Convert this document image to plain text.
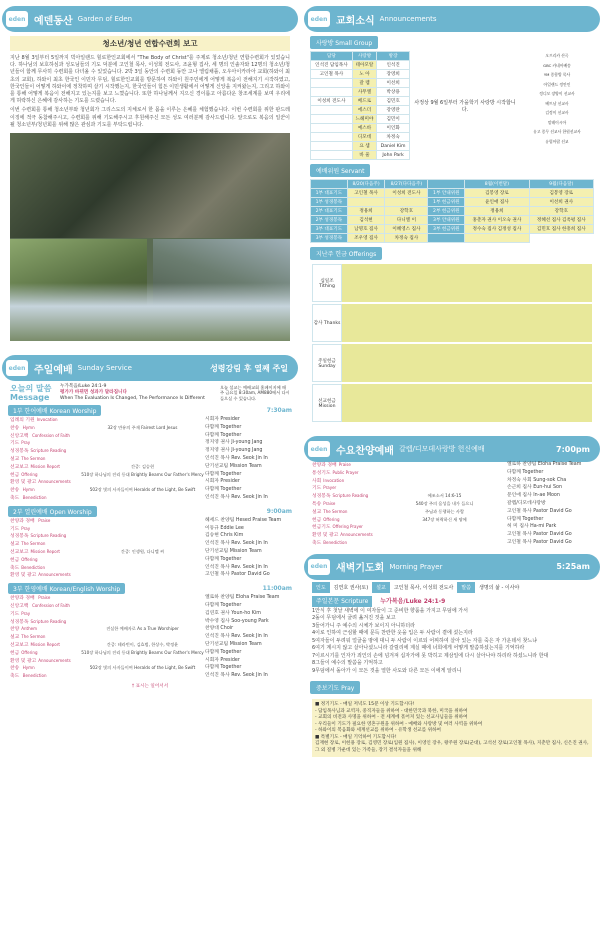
eden 예덴동산 Garden of Eden
청소년/청년 연합수련회 보고

지난 8월 3일부터 5일까지 빅아일랜드 힐로한인교회에서 "The Body of Christ"를 주제로 청소년/청년 연합수련회가 있었습니다. 하나님의 보호하심과 성도님들의 기도 덕분에 고인철 목사, 이성희 전도사, 조윤형 집사, 세 명의 인솔자와 12명의 청소년/청년들이 함께 무사히 수련회를 다녀올 수 있었습니다. 2박 3일 동안의 수련회 동안 고나 엘림채플, 오우아이카라아 교회(하와이 최초의 교회), 하와이 최초 한국인 이민자 무덤, 힐로한인교회를 방문하여 하와이 원주민에게 어떻게 복음이 전해지기 시작하였고, 한국인들이 어떻게 하와이에 정착하며 살기 시작했는지, 한국인들이 힘든 이민생활에서 어떻게 신앙을 지켜왔는지, 그리고 하와이를 통해 어떻게 복음이 전해지고 있는지를 보고 느꼈습니다. 또한 하나님께서 지으신 경이롭고 아름다운 창조세계를 보며 우리에게 허락하신 은혜에 감사하는 기도를 드렸습니다.

이번 수련회를 통해 청소년부와 청년회가 그리스도의 지체로서 한 몸을 이루는 은혜를 체험했습니다. 이번 수련회를 위한 판드레이징에 적극 동참해주시고, 수련회를 위해 기도해주시고 후원해주신 모든 성도 여러분께 감사드립니다. 앞으로도 복음의 일꾼이 될 청소년부/청년회를 위해 많은 관심과 기도를 부탁드립니다.

eden 주일예배 Sunday Service	성령강림 후 열째 주일
오늘의 말씀 Message
누가복음/Luke 24:1-9
평가가 바뀌면 성과가 달라집니다
When The Evaluation Is Changed, The Performance Is Different
오늘 설교는 예배교회 홈페이지에 매주 금요일 8:30am, AM880에서 다시 들으실 수 있습니다.
1부 한어예배 Korean Worship	7:30am
입례의 기원 Invocation	시회자 Presider
찬송 Hymn	32장 만유의 주재 Fairest Lord Jesus	다함께 Together
신앙고백 Confession of Faith	다함께 Together
기도 Pray	정지영 권사 Ji-young Jang
성경봉독 Scripture Reading	정지영 권사 Ji-young Jang
설교 The Sermon	인석진 목사 Rev. Seok Jin In
선교보고 Mission Report	간증: 김승현	단기선교팀 Mission Team
헌금 Offering	510장 하나님의 진리 등대 Brightly Beams Our Father's Mercy 다함께 Together
환영 및 광고 Announcements	시회자 Presider
찬송 Hymn	502장 빛의 사자들이여 Heralds of the Light, Be Swift	다함께 Together
축도 Benediction	인석진 목사 Rev. Seok Jin In
2부 열린예배 Open Worship	9:00am
찬양과 경배 Praise	헤세드 찬양팀 Hesed Praise Team
기도 Pray	이동규 Eddie Lee
성경봉독 Scripture Reading	김승현 Chris Kim
설교 The Sermon	인석진 목사 Rev. Seok Jin In
선교보고 Mission Report	간증: 인생원, 다니엘 씨	단기선교팀 Mission Team
헌금 Offering	다함께 Together
축도 Benediction	인석진 목사 Rev. Seok Jin In
환영 및 광고 Announcements	고인철 목사 Pastor David Go
3부 한영예배 Korean/English Worship	11:00am
찬양과 경배 Praise	엘로하 찬양팀 Eloha Praise Team
신앙고백 Confession of Faith	다함께 Together
기도 Pray	김연호 권사 Youn-ho Kim
성경봉독 Scripture Reading	박수영 집사 Soo-young Park
찬양 Anthem	진실한 예배자로 As a True Worshiper	찬양대 Choir
설교 The Sermon	인석진 목사 Rev. Seok Jin In
선교보고 Mission Report	간증: 테라빈이, 김효범, 한상수, 박정윤	단기선교팀 Mission Team
헌금 Offering	510장 하나님의 진리 등대 Brightly Beams Our Father's Mercy 다함께 Together
환영 및 광고 Announcements	시회자 Presider
찬송 Hymn	502장 빛의 사자들이여 Heralds of the Light, Be Swift	다함께 Together
축도 Benediction	인석진 목사 Rev. Seok Jin In
† 표시는 일어서서
eden 교회소식 Announcements
사랑방 Small Group
담당	사랑방	방장
인석진 담임목사	테아모알	인석진
고인철 목사	노 아	장영희
	갈 렙	이선희
	사무엘	박상용
이성희 전도사	베드로	김민호
	에스더	강영란
	느헤미야	김민이
	예스바	이인화
	디모데	차정숙
	요 셉	Daniel Kim
	바 울	John Park
사정상 9월 6일부터 가을학기 사랑방 시작합니다.
오프리카 산곡
GBC 카네아배송
YM 종합방 목사
아일랜드 정안인
정디모 장양이 선교사
베트남 선교사
김정이 선교사
말레이시아
유고 종무 선교사 한원선교사
유럽아랍 선교
예배위원 Servant
	8/20(다음주)	8/27(다다음주)		8월(이번달)	9월(다음달)
1부 대표기도	고인철 목사	이성희 전도사	1부 안내위원	김봉영 장로	김봉영 장로
1부 성경봉독			1부 헌금위원	윤인애 집사	이선희 권사
2부 대표기도	정용희	강학호	2부 헌금위원	정용희	강학호
2부 성경봉독	김석현	다니엘 이	3부 안내위원	홍춘자 권사 이오숙 권사	정혜선 집사 김옥평 집사
3부 대표기도	남명호 집사	이혜영스 집사	3부 헌금위원	정수숙 집사 김정성 집사	김민호 집사 한흥희 집사
3부 성경봉독	조우영 집사	차정숙 집사			
지난주 헌금 Offerings
십일조 Tithing
감사 Thanks
주일헌금 Sunday
선교헌금 Mission
eden 수요찬양예배 갈렙/디모데사랑방 헌신예배	7:00pm
찬양과 경배 Praise	엘로하 찬양팀 Eloha Praise Team
통성기도 Public Prayer	다함께 Together
사회 Invocation	차정숙 사회 Sung-sok Cha
기도 Prayer	손근희 집사 Eun-hui Son
성경봉독 Scripture Reading	에조소서 14:6-15	문인애 집사 In-ae Moon
특송 Praise	540장 주의 음성을 내가 들으니	갈렙/디모데사랑방
설교 The Sermon	주님과 동행하는 사람	고인철 목사 Pastor David Go
헌금 Offering	347장 허락하신 새 땅에	다함께 Together
헌금기도 Offering Prayer	허 미 집사 Ha-mi Park
환영 및 광고 Announcements	고인철 목사 Pastor David Go
축도 Benediction	고인철 목사 Pastor David Go
eden 새벽기도회 Morning Prayer	5:25am
인도	김연호 권사(토)	설교	고인철 목사, 이성희 전도사	말씀	생명의 삶 - 이사야
주일본문 Scripture 누가복음/Luke 24:1-9
1안식 후 첫날 새벽에 이 여자들이 그 준비한 향품을 가지고 무덤에 가서
2돌이 무덤에서 굴려 옮겨진 것을 보고
3들어가니 주 예수의 시체가 보이지 아니하더라
4이로 인하여 근심할 때에 문득 찬란한 옷을 입은 두 사람이 곁에 섰는지라
5여자들이 두려워 얼굴을 땅에 대니 두 사람이 이르되 어찌하여 살아 있는 자를 죽은 자 가운데서 찾느냐
6여기 계시지 않고 살아나셨느니라 갈릴리에 계실 때에 너희에게 어떻게 말씀하셨는지를 기억하라
7이르시기를 인자가 죄인의 손에 넘겨져 십자가에 못 박히고 제삼일에 다시 살아나야 하리라 하셨느니라 한대
8그들이 예수의 말씀을 기억하고
9무덤에서 돌아가 이 모든 것을 열한 사도와 다른 모든 이에게 알리니
중보기도 Pray
■ 정기기도 - 매일 저녁도 15분 이상 기도합시다!
- 담임목사님과 교역자, 중직자들을 위하여 - 대한민국과 북한, 미국을 위하여
- 교회의 비전과 사명을 위하여 - 전 세계에 흩어져 있는 선교사님들을 위하여
- 우리들이 기도가 필요한 영혼구원을 위하여 - 예배와 사랑방 및 여러 사역을 위하여
- 하와이의 복음화와 세계선교를 위하여 - 유학생 선교를 위하여
■ 특별기도 - 매일 기억하여 기도합시다!
김재현 장로, 이헌용 장로, 김영민 장로(입원 집사), 이영인 장우, 왕주원 장로(군대), 고석선 장로(고인철 목사), 지춘만 집사, 신은진 권사, 그 외 질병 가운데 있는 가족들, 장기 결석자들을 위해
